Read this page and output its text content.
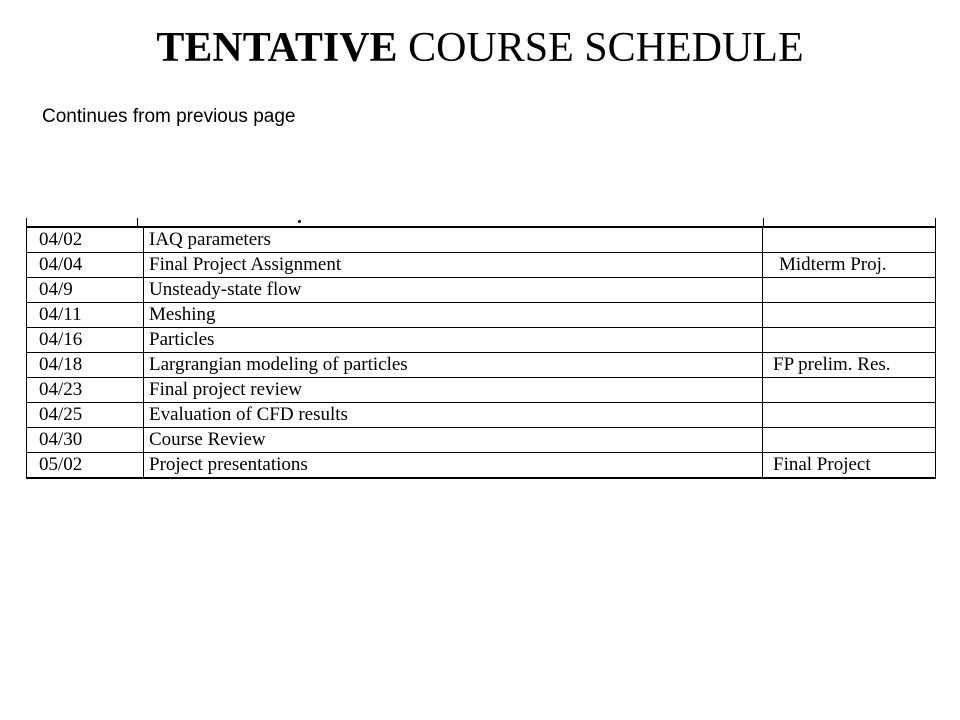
TENTATIVE COURSE SCHEDULE
Continues from previous page
04/02	IAQ parameters	
04/04	Final Project Assignment	Midterm Proj.
04/9	Unsteady-state flow	
04/11	Meshing	
04/16	Particles	
04/18	Largrangian modeling of particles	FP prelim. Res.
04/23	Final project review	
04/25	Evaluation of CFD results	
04/30	Course Review	
05/02	Project presentations	Final Project
